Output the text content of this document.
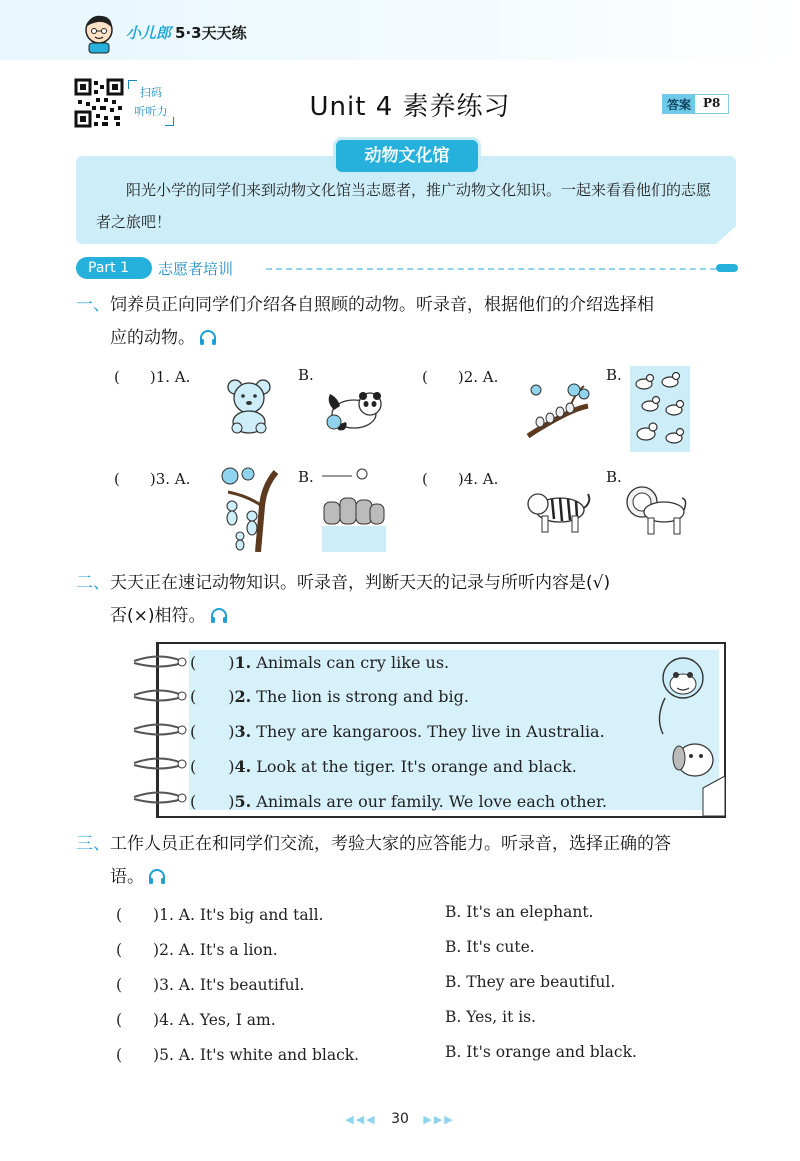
小儿郎 5·3天天练
扫码
听听力	Unit 4 素养练习	答案	P8
动物文化馆
阳光小学的同学们来到动物文化馆当志愿者，推广动物文化知识。一起来看看他们的志愿者之旅吧！
Part 1	志愿者培训
一、饲养员正向同学们介绍各自照顾的动物。听录音，根据他们的介绍选择相
应的动物。
(　　)1. A.	B.	(　　)2. A.	B.
(　　)3. A.	B.	(　　)4. A.	B.
二、天天正在速记动物知识。听录音，判断天天的记录与所听内容是(√)
否(×)相符。
(　　)1. Animals can cry like us.
(　　)2. The lion is strong and big.
(　　)3. They are kangaroos. They live in Australia.
(　　)4. Look at the tiger. It's orange and black.
(　　)5. Animals are our family. We love each other.
三、工作人员正在和同学们交流，考验大家的应答能力。听录音，选择正确的答
语。
(　　)1. A. It's big and tall.	B. It's an elephant.
(　　)2. A. It's a lion.	B. It's cute.
(　　)3. A. It's beautiful.	B. They are beautiful.
(　　)4. A. Yes, I am.	B. Yes, it is.
(　　)5. A. It's white and black.	B. It's orange and black.
◀◀◀ 30 ▶▶▶
